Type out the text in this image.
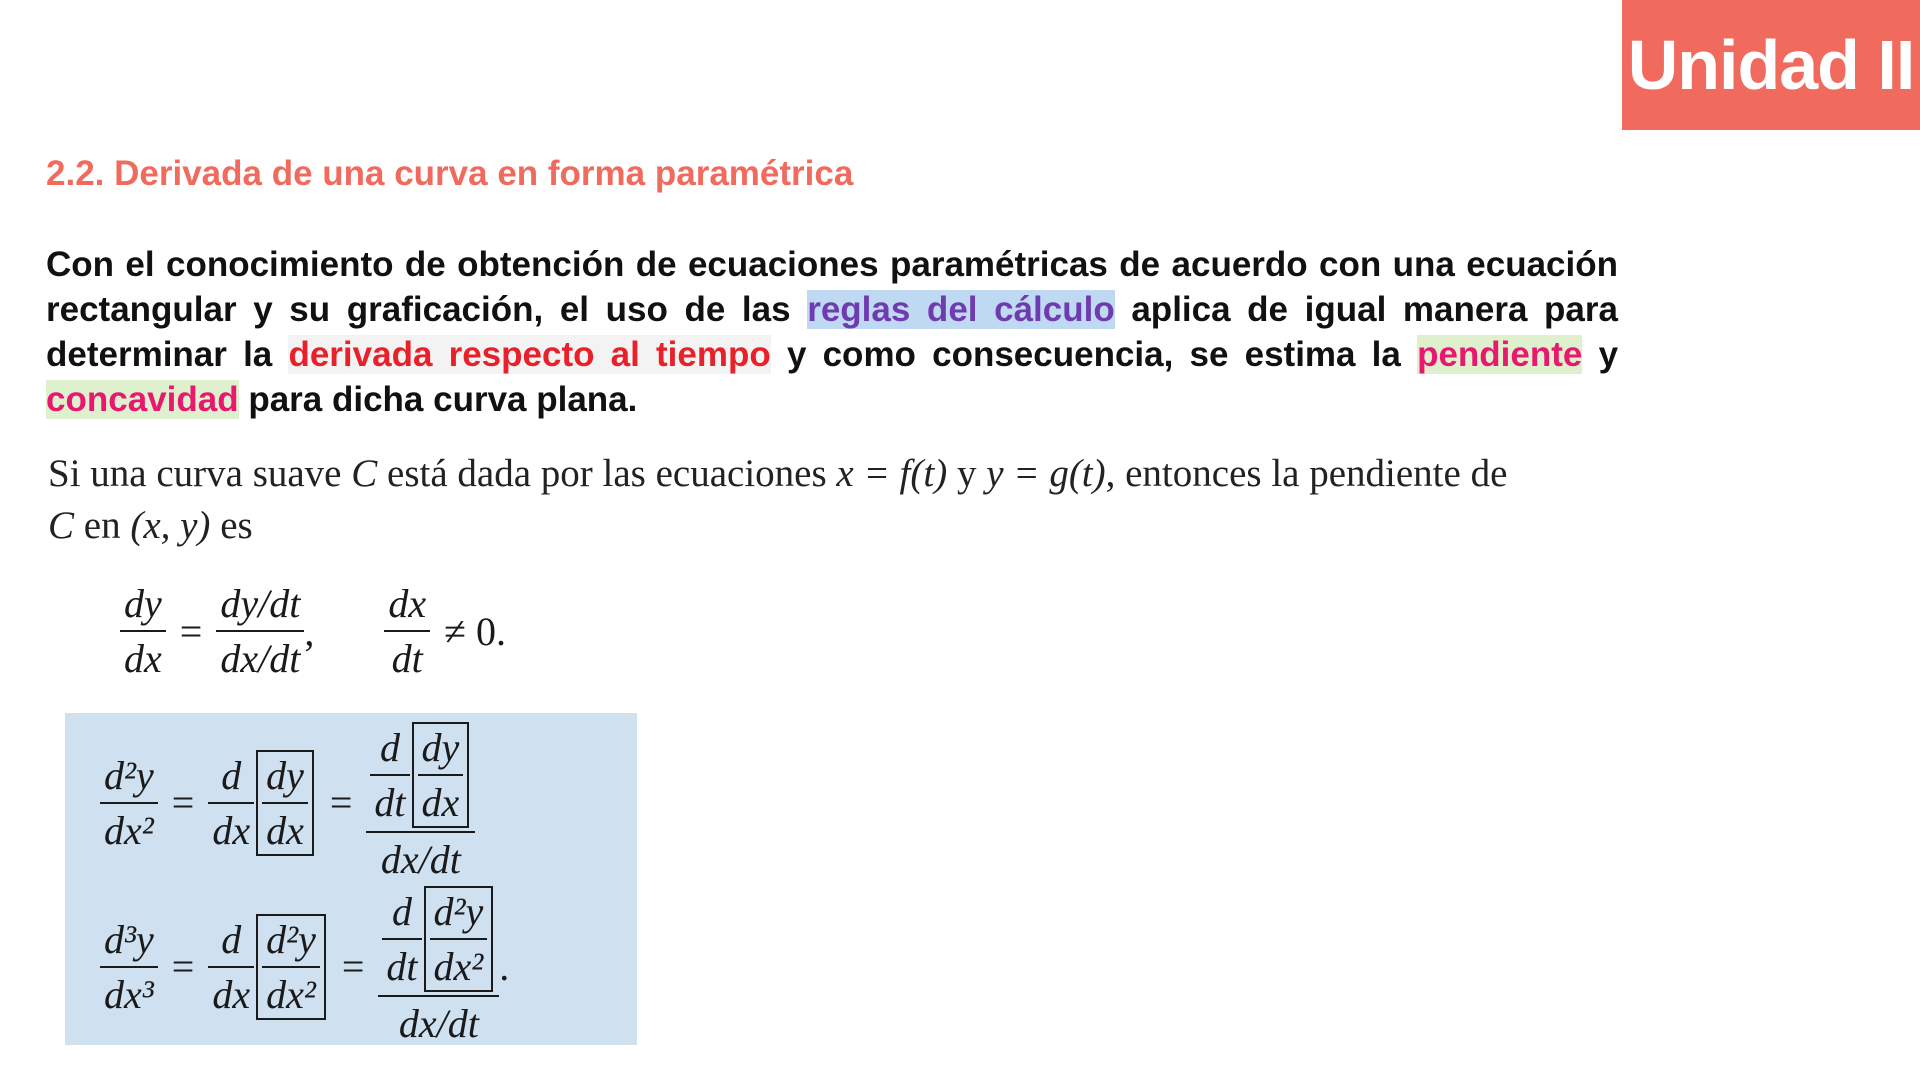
Unidad II
2.2. Derivada de una curva en forma paramétrica
Con el conocimiento de obtención de ecuaciones paramétricas de acuerdo con una ecuación rectangular y su graficación, el uso de las reglas del cálculo aplica de igual manera para determinar la derivada respecto al tiempo y como consecuencia, se estima la pendiente y concavidad para dicha curva plana.
Si una curva suave C está dada por las ecuaciones x = f(t) y y = g(t), entonces la pendiente de C en (x, y) es
$\frac{dy}{dx} = \frac{dy/dt}{dx/dt}$ , $\frac{dx}{dt} \ne 0$.
$\frac{\text{d²y}}{\text{dx²}} = \frac{d}{dx} \frac{dy}{dx} = \frac{\frac{d}{dt} \frac{dy}{dx}}{dx/dt}$
$\frac{\text{d³y}}{\text{dx³}} = \frac{d}{dx} \frac{\text{d²y}}{\text{dx²}} = \frac{\frac{d}{dt} \frac{\text{d²y}}{\text{dx²}}}{dx/dt}$ .
